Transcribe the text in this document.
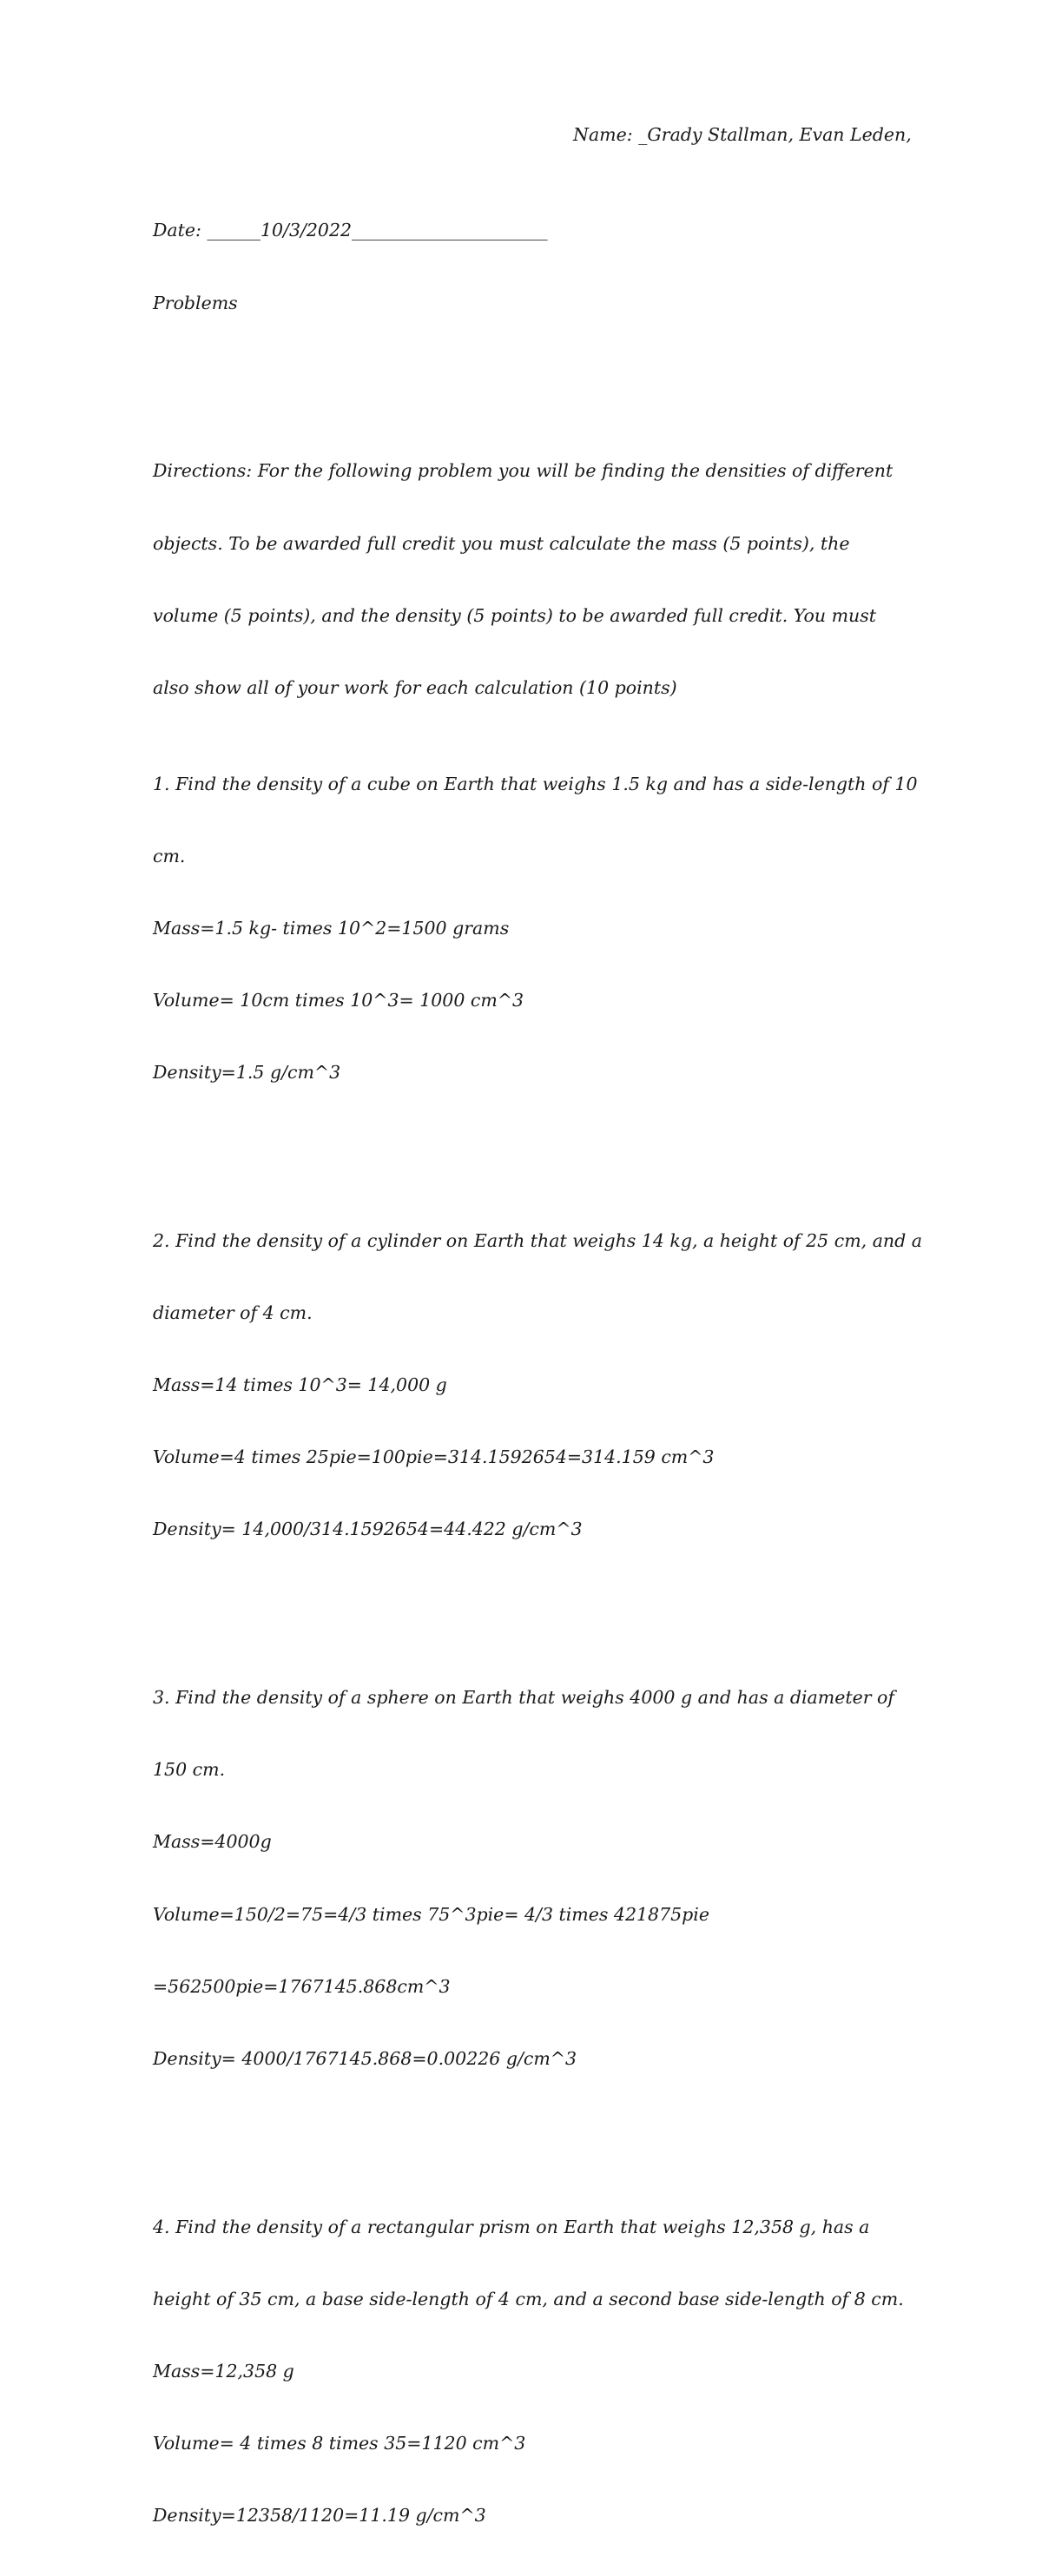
Name: _Grady Stallman, Evan Leden,

Date: ______10/3/2022______________________

Problems

Directions: For the following problem you will be finding the densities of different

objects. To be awarded full credit you must calculate the mass (5 points), the

volume (5 points), and the density (5 points) to be awarded full credit. You must

also show all of your work for each calculation (10 points)

1. Find the density of a cube on Earth that weighs 1.5 kg and has a side-length of 10

cm.

Mass=1.5 kg- times 10^2=1500 grams

Volume= 10cm times 10^3= 1000 cm^3

Density=1.5 g/cm^3

2. Find the density of a cylinder on Earth that weighs 14 kg, a height of 25 cm, and a

diameter of 4 cm.

Mass=14 times 10^3= 14,000 g

Volume=4 times 25pie=100pie=314.1592654=314.159 cm^3

Density= 14,000/314.1592654=44.422 g/cm^3

3. Find the density of a sphere on Earth that weighs 4000 g and has a diameter of

150 cm.

Mass=4000g

Volume=150/2=75=4/3 times 75^3pie= 4/3 times 421875pie

=562500pie=1767145.868cm^3

Density= 4000/1767145.868=0.00226 g/cm^3

4. Find the density of a rectangular prism on Earth that weighs 12,358 g, has a

height of 35 cm, a base side-length of 4 cm, and a second base side-length of 8 cm.

Mass=12,358 g

Volume= 4 times 8 times 35=1120 cm^3

Density=12358/1120=11.19 g/cm^3
